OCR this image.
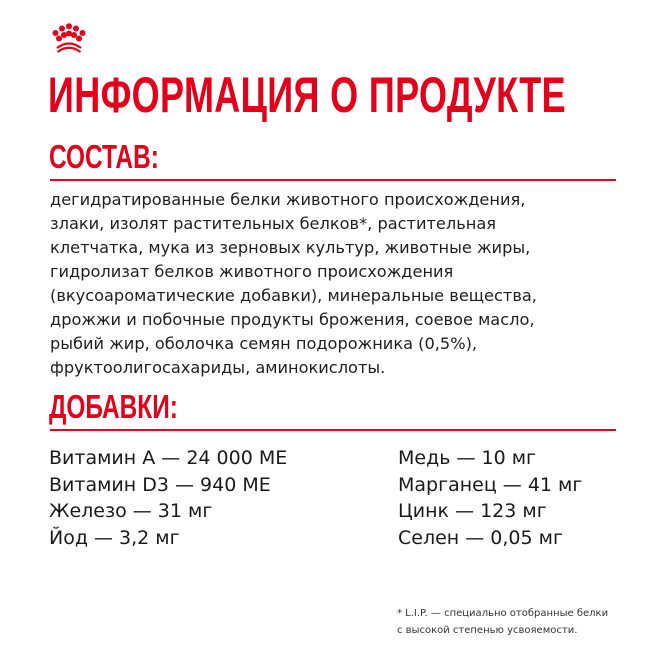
ИНФОРМАЦИЯ О ПРОДУКТЕ
СОСТАВ:
дегидратированные белки животного происхождения,
злаки, изолят растительных белков*, растительная
клетчатка, мука из зерновых культур, животные жиры,
гидролизат белков животного происхождения
(вкусоароматические добавки), минеральные вещества,
дрожжи и побочные продукты брожения, соевое масло,
рыбий жир, оболочка семян подорожника (0,5%),
фруктоолигосахариды, аминокислоты.
ДОБАВКИ:
Витамин А — 24 000 МЕ
Витамин D3 — 940 МЕ
Железо — 31 мг
Йод — 3,2 мг
Медь — 10 мг
Марганец — 41 мг
Цинк — 123 мг
Селен — 0,05 мг
* L.I.P. — специально отобранные белки
с высокой степенью усвояемости.
